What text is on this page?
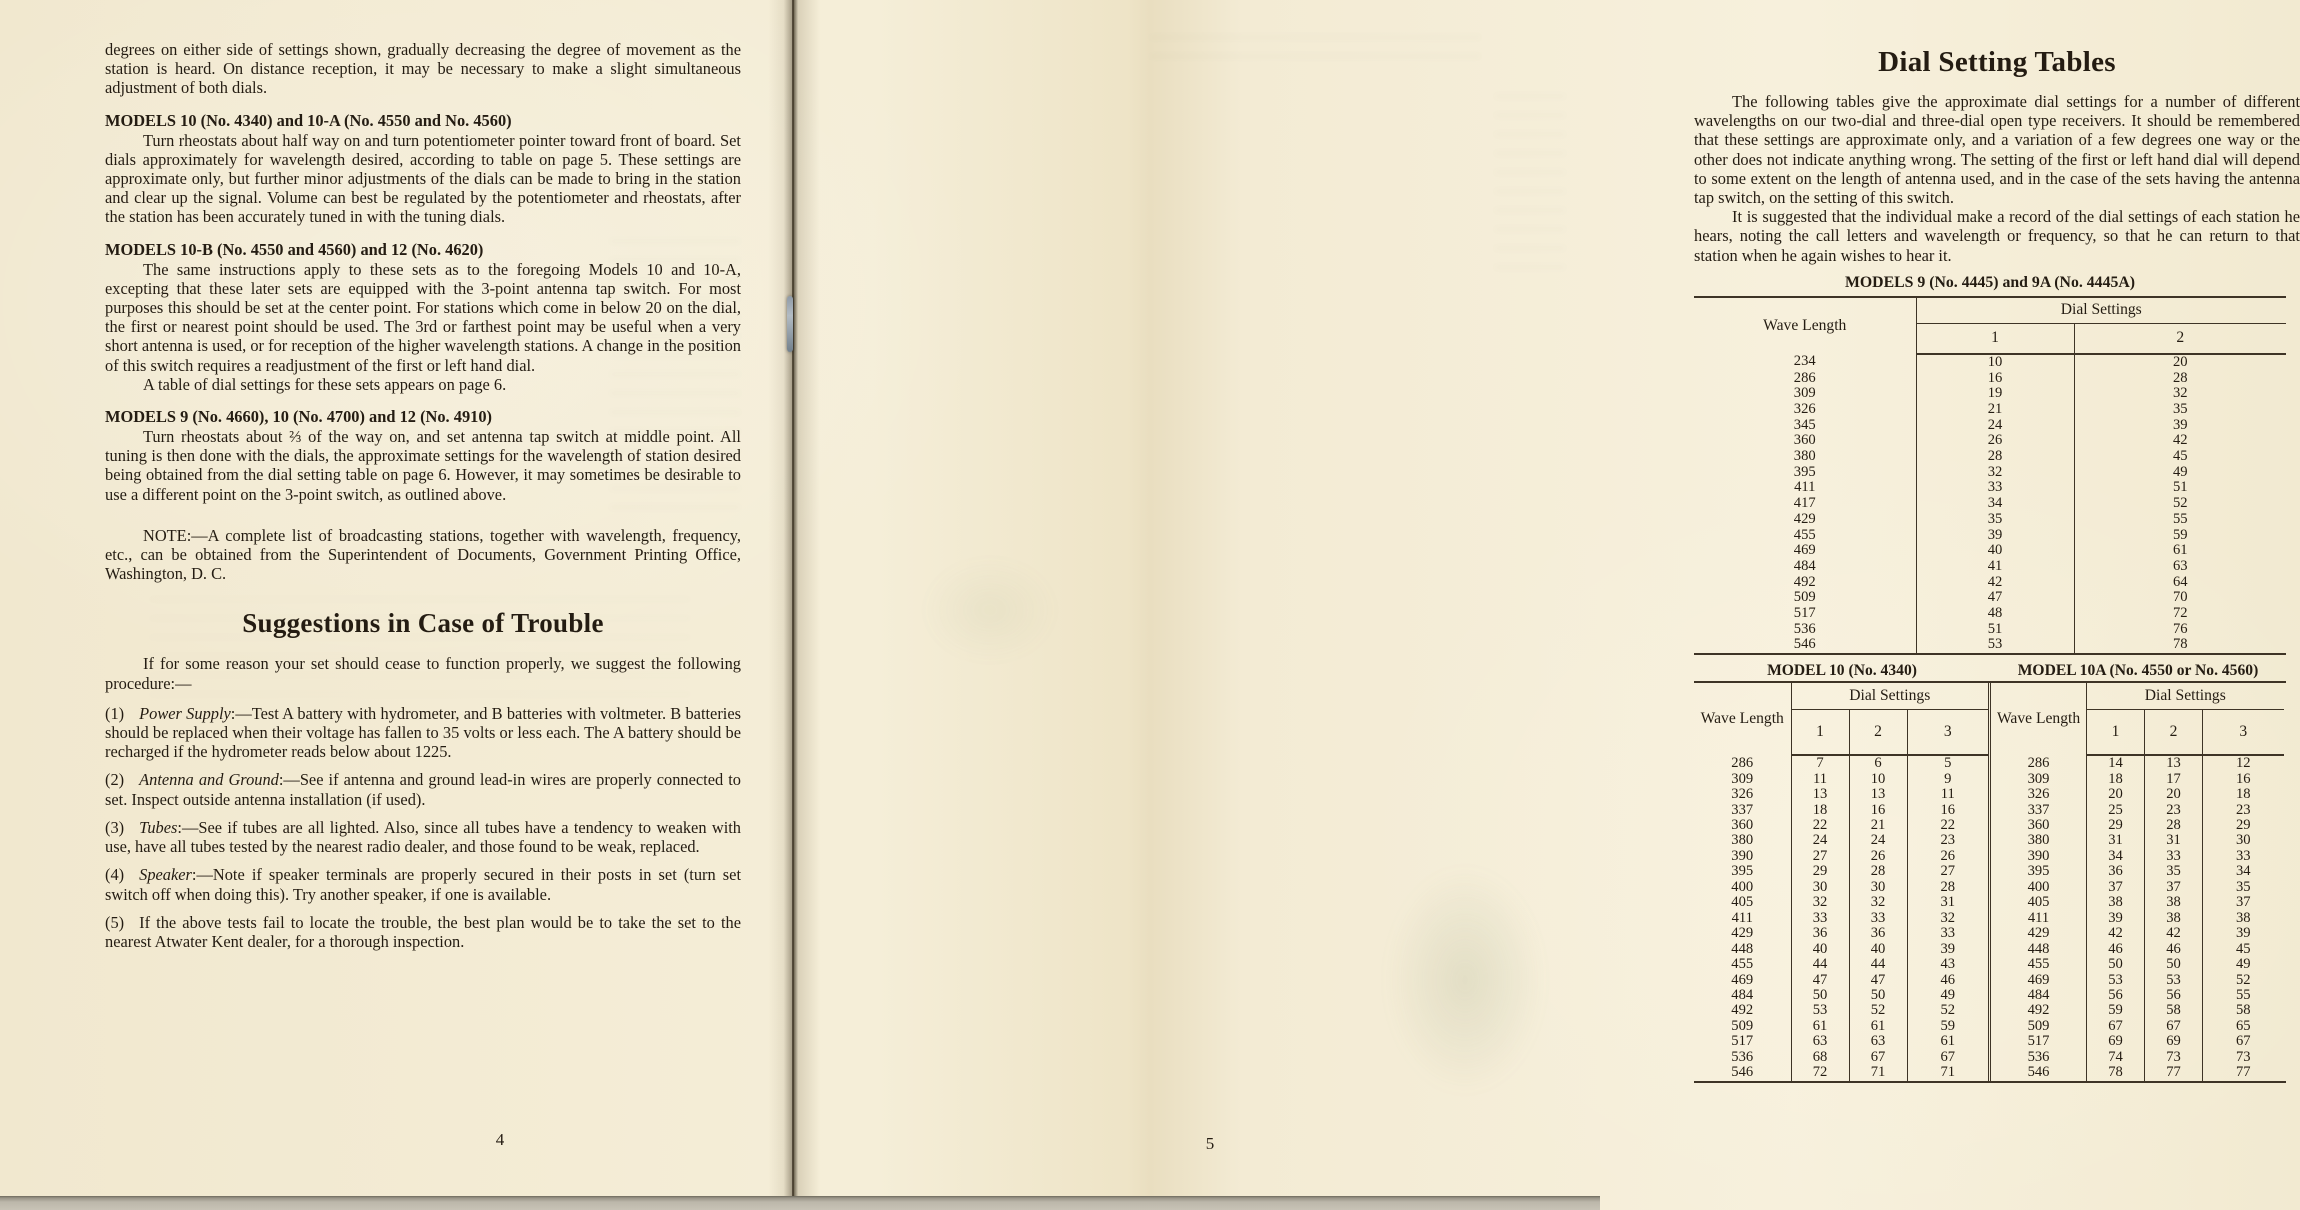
degrees on either side of settings shown, gradually decreasing the degree of movement as the station is heard. On distance reception, it may be necessary to make a slight simultaneous adjustment of both dials.

MODELS 10 (No. 4340) and 10-A (No. 4550 and No. 4560)

Turn rheostats about half way on and turn potentiometer pointer toward front of board. Set dials approximately for wavelength desired, according to table on page 5. These settings are approximate only, but further minor adjustments of the dials can be made to bring in the station and clear up the signal. Volume can best be regulated by the potentiometer and rheostats, after the station has been accurately tuned in with the tuning dials.

MODELS 10-B (No. 4550 and 4560) and 12 (No. 4620)

The same instructions apply to these sets as to the foregoing Models 10 and 10-A, excepting that these later sets are equipped with the 3-point antenna tap switch. For most purposes this should be set at the center point. For stations which come in below 20 on the dial, the first or nearest point should be used. The 3rd or farthest point may be useful when a very short antenna is used, or for reception of the higher wavelength stations. A change in the position of this switch requires a readjustment of the first or left hand dial.

A table of dial settings for these sets appears on page 6.

MODELS 9 (No. 4660), 10 (No. 4700) and 12 (No. 4910)

Turn rheostats about ⅔ of the way on, and set antenna tap switch at middle point. All tuning is then done with the dials, the approximate settings for the wavelength of station desired being obtained from the dial setting table on page 6. However, it may sometimes be desirable to use a different point on the 3-point switch, as outlined above.

NOTE:—A complete list of broadcasting stations, together with wavelength, frequency, etc., can be obtained from the Superintendent of Documents, Government Printing Office, Washington, D. C.

Suggestions in Case of Trouble

If for some reason your set should cease to function properly, we suggest the following procedure:—

(1) Power Supply:—Test A battery with hydrometer, and B batteries with voltmeter. B batteries should be replaced when their voltage has fallen to 35 volts or less each. The A battery should be recharged if the hydrometer reads below about 1225.

(2) Antenna and Ground:—See if antenna and ground lead-in wires are properly connected to set. Inspect outside antenna installation (if used).

(3) Tubes:—See if tubes are all lighted. Also, since all tubes have a tendency to weaken with use, have all tubes tested by the nearest radio dealer, and those found to be weak, replaced.

(4) Speaker:—Note if speaker terminals are properly secured in their posts in set (turn set switch off when doing this). Try another speaker, if one is available.

(5) If the above tests fail to locate the trouble, the best plan would be to take the set to the nearest Atwater Kent dealer, for a thorough inspection.

4
Dial Setting Tables

The following tables give the approximate dial settings for a number of different wavelengths on our two-dial and three-dial open type receivers. It should be remembered that these settings are approximate only, and a variation of a few degrees one way or the other does not indicate anything wrong. The setting of the first or left hand dial will depend to some extent on the length of antenna used, and in the case of the sets having the antenna tap switch, on the setting of this switch.

It is suggested that the individual make a record of the dial settings of each station he hears, noting the call letters and wavelength or frequency, so that he can return to that station when he again wishes to hear it.

MODELS 9 (No. 4445) and 9A (No. 4445A)
Wave Length	Dial Settings	
	1	2
234	10	20
286	16	28
309	19	32
326	21	35
345	24	39
360	26	42
380	28	45
395	32	49
411	33	51
417	34	52
429	35	55
455	39	59
469	40	61
484	41	63
492	42	64
509	47	70
517	48	72
536	51	76
546	53	78
MODEL 10 (No. 4340)	MODEL 10A (No. 4550 or No. 4560)
Wave Length	Dial Settings		
	1	2	3
286	7	6	5
309	11	10	9
326	13	13	11
337	18	16	16
360	22	21	22
380	24	24	23
390	27	26	26
395	29	28	27
400	30	30	28
405	32	32	31
411	33	33	32
429	36	36	33
448	40	40	39
455	44	44	43
469	47	47	46
484	50	50	49
492	53	52	52
509	61	61	59
517	63	63	61
536	68	67	67
546	72	71	71
Wave Length	Dial Settings		
	1	2	3
286	14	13	12
309	18	17	16
326	20	20	18
337	25	23	23
360	29	28	29
380	31	31	30
390	34	33	33
395	36	35	34
400	37	37	35
405	38	38	37
411	39	38	38
429	42	42	39
448	46	46	45
455	50	50	49
469	53	53	52
484	56	56	55
492	59	58	58
509	67	67	65
517	69	69	67
536	74	73	73
546	78	77	77
5
